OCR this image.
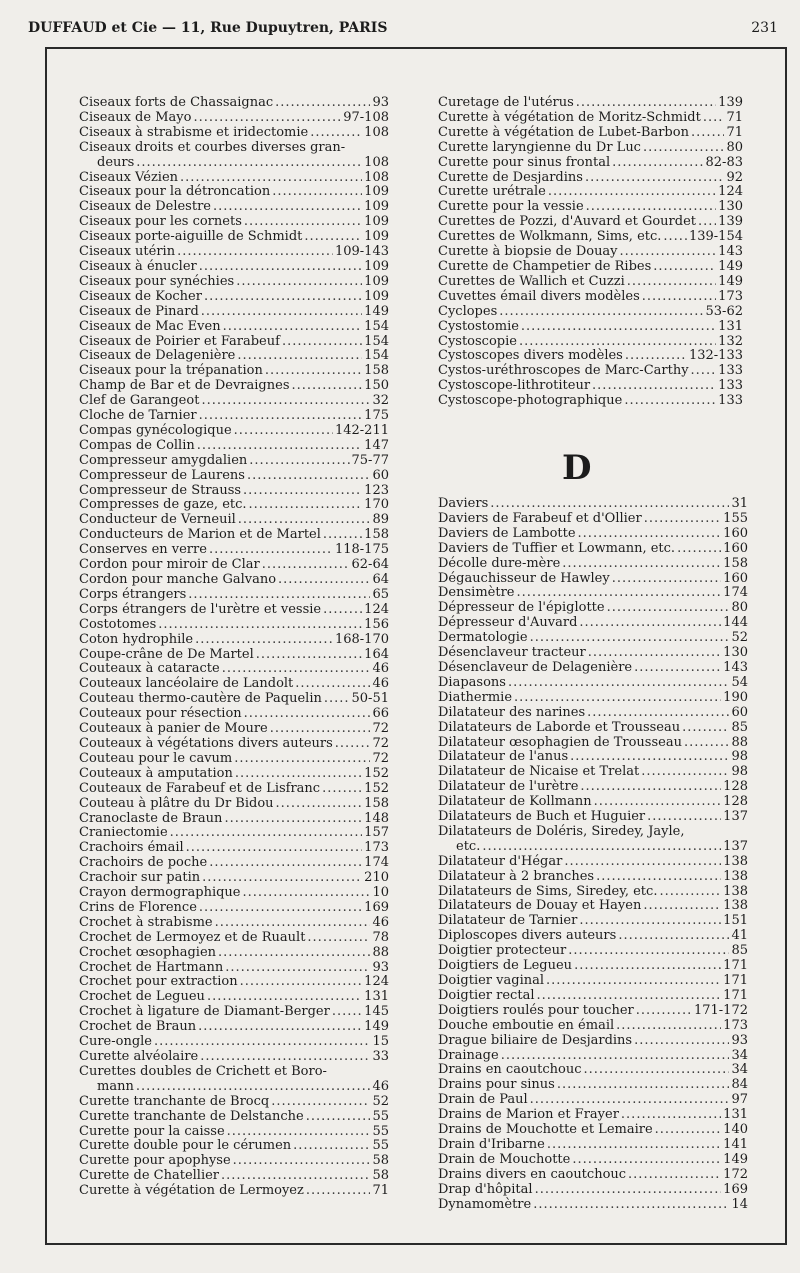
DUFFAUD et Cie — 11, Rue Dupuytren, PARIS	231
Ciseaux forts de Chassaignac .....	93
Ciseaux de Mayo .....	97-108
Ciseaux à strabisme et iridectomie .....	108
Ciseaux droits et courbes diverses gran-
deurs .....	108
Ciseaux Vézien .....	108
Ciseaux pour la détroncation .....	109
Ciseaux de Delestre .....	109
Ciseaux pour les cornets .....	109
Ciseaux porte-aiguille de Schmidt .....	109
Ciseaux utérin .....	109-143
Ciseaux à énucler .....	109
Ciseaux pour synéchies .....	109
Ciseaux de Kocher .....	109
Ciseaux de Pinard .....	149
Ciseaux de Mac Even .....	154
Ciseaux de Poirier et Farabeuf .....	154
Ciseaux de Delagenière .....	154
Ciseaux pour la trépanation .....	158
Champ de Bar et de Devraignes .....	150
Clef de Garangeot .....	32
Cloche de Tarnier .....	175
Compas gynécologique .....	142-211
Compas de Collin .....	147
Compresseur amygdalien .....	75-77
Compresseur de Laurens .....	60
Compresseur de Strauss .....	123
Compresses de gaze, etc. .....	170
Conducteur de Verneuil .....	89
Conducteurs de Marion et de Martel .....	158
Conserves en verre .....	118-175
Cordon pour miroir de Clar .....	62-64
Cordon pour manche Galvano .....	64
Corps étrangers .....	65
Corps étrangers de l'urètre et vessie .....	124
Costotomes .....	156
Coton hydrophile .....	168-170
Coupe-crâne de De Martel .....	164
Couteaux à cataracte .....	46
Couteaux lancéolaire de Landolt .....	46
Couteau thermo-cautère de Paquelin ..... 50-51
Couteaux pour résection .....	66
Couteaux à panier de Moure .....	72
Couteaux à végétations divers auteurs .....	72
Couteau pour le cavum .....	72
Couteaux à amputation .....	152
Couteaux de Farabeuf et de Lisfranc .....	152
Couteau à plâtre du Dr Bidou .....	158
Cranoclaste de Braun .....	148
Craniectomie .....	157
Crachoirs émail .....	173
Crachoirs de poche .....	174
Crachoir sur patin .....	210
Crayon dermographique .....	10
Crins de Florence .....	169
Crochet à strabisme .....	46
Crochet de Lermoyez et de Ruault .....	78
Crochet œsophagien .....	88
Crochet de Hartmann .....	93
Crochet pour extraction .....	124
Crochet de Legueu .....	131
Crochet à ligature de Diamant-Berger .....	145
Crochet de Braun .....	149
Cure-ongle .....	15
Curette alvéolaire .....	33
Curettes doubles de Crichett et Boro-
mann .....	46
Curette tranchante de Brocq .....	52
Curette tranchante de Delstanche .....	55
Curette pour la caisse .....	55
Curette double pour le cérumen .....	55
Curette pour apophyse .....	58
Curette de Chatellier .....	58
Curette à végétation de Lermoyez .....	71
Curetage de l'utérus .....	139
Curette à végétation de Moritz-Schmidt ..... 71
Curette à végétation de Lubet-Barbon .....	71
Curette laryngienne du Dr Luc .....	80
Curette pour sinus frontal .....	82-83
Curette de Desjardins .....	92
Curette urétrale .....	124
Curette pour la vessie .....	130
Curettes de Pozzi, d'Auvard et Gourdet ..... 139
Curettes de Wolkmann, Sims, etc. ..... 139-154
Curette à biopsie de Douay .....	143
Curette de Champetier de Ribes .....	149
Curettes de Wallich et Cuzzi .....	149
Cuvettes émail divers modèles .....	173
Cyclopes .....	53-62
Cystostomie .....	131
Cystoscopie .....	132
Cystoscopes divers modèles .....	132-133
Cystos-uréthroscopes de Marc-Carthy ..... 133
Cystoscope-lithrotiteur .....	133
Cystoscope-photographique .....	133
D
Daviers .....	31
Daviers de Farabeuf et d'Ollier .....	155
Daviers de Lambotte .....	160
Daviers de Tuffier et Lowmann, etc. .....	160
Décolle dure-mère .....	158
Dégauchisseur de Hawley .....	160
Densimètre .....	174
Dépresseur de l'épiglotte .....	80
Dépresseur d'Auvard .....	144
Dermatologie .....	52
Désenclaveur tracteur .....	130
Désenclaveur de Delagenière .....	143
Diapasons .....	54
Diathermie .....	190
Dilatateur des narines .....	60
Dilatateurs de Laborde et Trousseau .....	85
Dilatateur œsophagien de Trousseau .....	88
Dilatateur de l'anus .....	98
Dilatateur de Nicaise et Trelat .....	98
Dilatateur de l'urètre .....	128
Dilatateur de Kollmann .....	128
Dilatateurs de Buch et Huguier .....	137
Dilatateurs de Doléris, Siredey, Jayle,
etc. .....	137
Dilatateur d'Hégar .....	138
Dilatateur à 2 branches .....	138
Dilatateurs de Sims, Siredey, etc. .....	138
Dilatateurs de Douay et Hayen .....	138
Dilatateur de Tarnier .....	151
Diploscopes divers auteurs .....	41
Doigtier protecteur .....	85
Doigtiers de Legueu .....	171
Doigtier vaginal .....	171
Doigtier rectal .....	171
Doigtiers roulés pour toucher .....	171-172
Douche emboutie en émail .....	173
Drague biliaire de Desjardins .....	93
Drainage .....	34
Drains en caoutchouc .....	34
Drains pour sinus .....	84
Drain de Paul .....	97
Drains de Marion et Frayer .....	131
Drains de Mouchotte et Lemaire .....	140
Drain d'Iribarne .....	141
Drain de Mouchotte .....	149
Drains divers en caoutchouc .....	172
Drap d'hôpital .....	169
Dynamomètre .....	14
